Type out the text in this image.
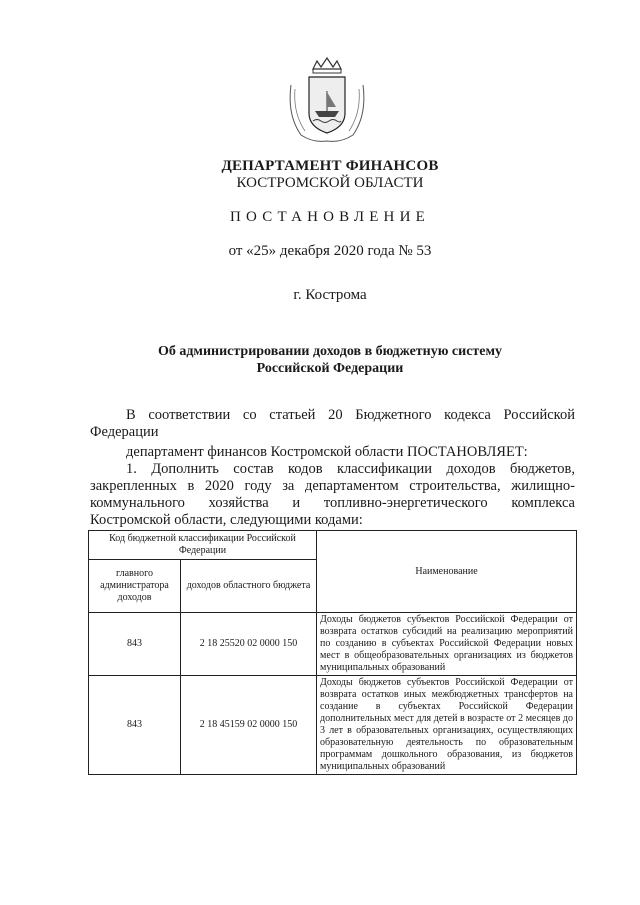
ДЕПАРТАМЕНТ ФИНАНСОВ
КОСТРОМСКОЙ ОБЛАСТИ
ПОСТАНОВЛЕНИЕ
от «25» декабря 2020 года № 53
г. Кострома
Об администрировании доходов в бюджетную систему
Российской Федерации
В соответствии со статьей 20 Бюджетного кодекса Российской
Федерации
департамент финансов Костромской области ПОСТАНОВЛЯЕТ:
1. Дополнить состав кодов классификации доходов бюджетов,
закрепленных в 2020 году за департаментом строительства, жилищно-
коммунального хозяйства и топливно-энергетического комплекса
Костромской области, следующими кодами:
Код бюджетной классификации Российской Федерации		Наименование
главного администратора доходов	доходов областного бюджета	
843	2 18 25520 02 0000 150	Доходы бюджетов субъектов Российской Федерации от возврата остатков субсидий на реализацию мероприятий по созданию в субъектах Российской Федерации новых мест в общеобразовательных организациях из бюджетов муниципальных образований
843	2 18 45159 02 0000 150	Доходы бюджетов субъектов Российской Федерации от возврата остатков иных межбюджетных трансфертов на создание в субъектах Российской Федерации дополнительных мест для детей в возрасте от 2 месяцев до 3 лет в образовательных организациях, осуществляющих образовательную деятельность по образовательным программам дошкольного образования, из бюджетов муниципальных образований
